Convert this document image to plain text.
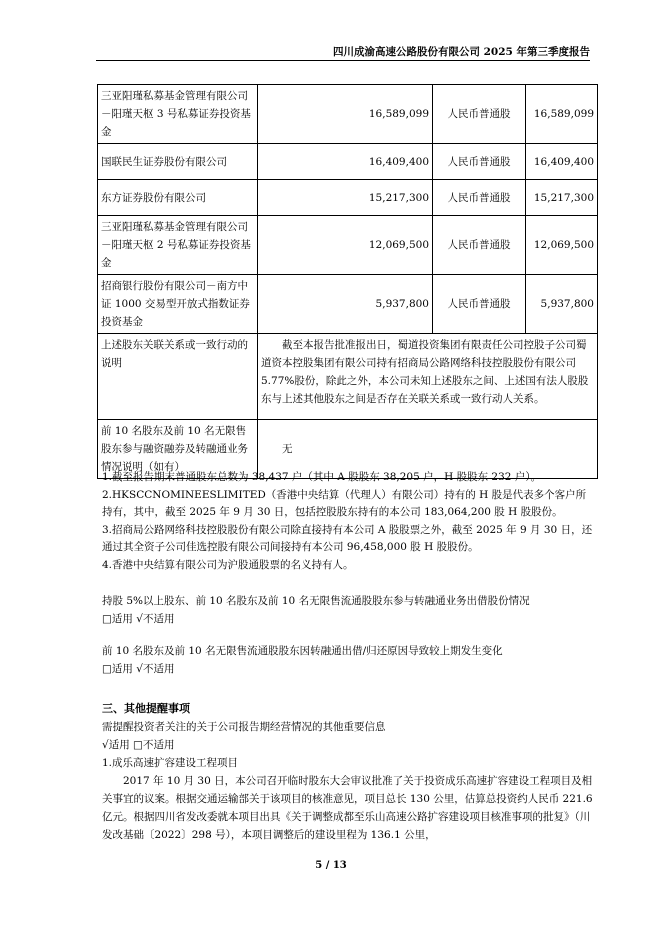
四川成渝高速公路股份有限公司 2025 年第三季度报告
三亚阳瑾私募基金管理有限公司－阳瑾天枢 3 号私募证券投资基金	16,589,099	人民币普通股	16,589,099
国联民生证券股份有限公司	16,409,400	人民币普通股	16,409,400
东方证券股份有限公司	15,217,300	人民币普通股	15,217,300
三亚阳瑾私募基金管理有限公司－阳瑾天枢 2 号私募证券投资基金	12,069,500	人民币普通股	12,069,500
招商银行股份有限公司－南方中证 1000 交易型开放式指数证券投资基金	5,937,800	人民币普通股	5,937,800
上述股东关联关系或一致行动的说明	截至本报告批准报出日，蜀道投资集团有限责任公司控股子公司蜀道资本控股集团有限公司持有招商局公路网络科技控股股份有限公司 5.77%股份，除此之外，本公司未知上述股东之间、上述国有法人股股东与上述其他股东之间是否存在关联关系或一致行动人关系。		
前 10 名股东及前 10 名无限售股东参与融资融券及转融通业务情况说明（如有）	无		

1.截至报告期末普通股东总数为 38,437 户（其中 A 股股东 38,205 户，H 股股东 232 户）。

2.HKSCCNOMINEESLIMITED（香港中央结算（代理人）有限公司）持有的 H 股是代表多个客户所持有，其中，截至 2025 年 9 月 30 日，包括控股股东持有的本公司 183,064,200 股 H 股股份。

3.招商局公路网络科技控股股份有限公司除直接持有本公司 A 股股票之外，截至 2025 年 9 月 30 日，还通过其全资子公司佳选控股有限公司间接持有本公司 96,458,000 股 H 股股份。

4.香港中央结算有限公司为沪股通股票的名义持有人。

持股 5%以上股东、前 10 名股东及前 10 名无限售流通股股东参与转融通业务出借股份情况

□适用 √不适用

前 10 名股东及前 10 名无限售流通股股东因转融通出借/归还原因导致较上期发生变化

□适用 √不适用

三、其他提醒事项

需提醒投资者关注的关于公司报告期经营情况的其他重要信息

√适用 □不适用

1.成乐高速扩容建设工程项目

2017 年 10 月 30 日，本公司召开临时股东大会审议批准了关于投资成乐高速扩容建设工程项目及相关事宜的议案。根据交通运输部关于该项目的核准意见，项目总长 130 公里，估算总投资约人民币 221.6 亿元。根据四川省发改委就本项目出具《关于调整成都至乐山高速公路扩容建设项目核准事项的批复》（川发改基础〔2022〕298 号），本项目调整后的建设里程为 136.1 公里，

5 / 13
